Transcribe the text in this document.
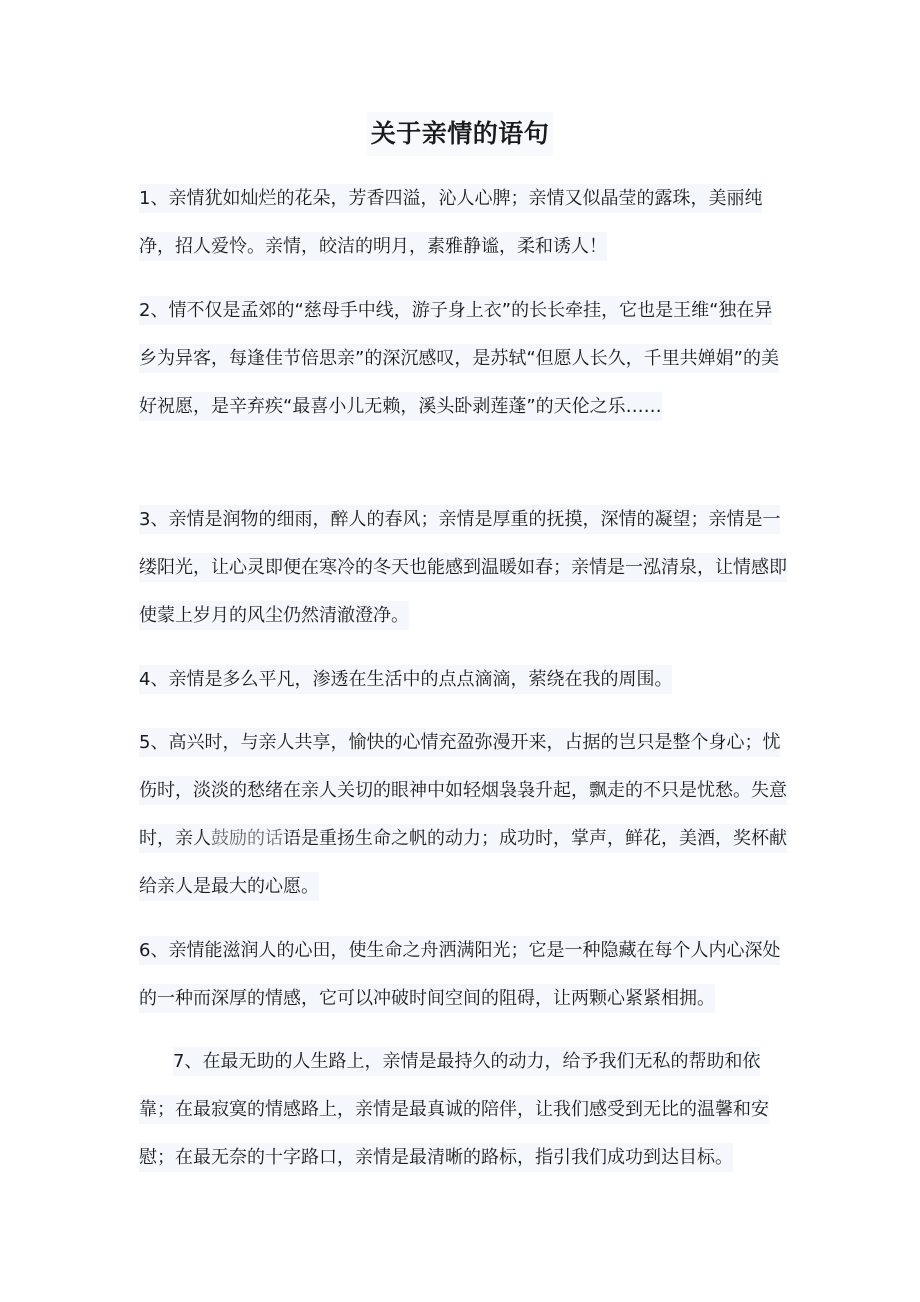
关于亲情的语句

1、亲情犹如灿烂的花朵，芳香四溢，沁人心脾；亲情又似晶莹的露珠，美丽纯净，招人爱怜。亲情，皎洁的明月，素雅静谧，柔和诱人！

2、情不仅是孟郊的“慈母手中线，游子身上衣”的长长牵挂，它也是王维“独在异乡为异客，每逢佳节倍思亲”的深沉感叹，是苏轼“但愿人长久，千里共婵娟”的美好祝愿，是辛弃疾“最喜小儿无赖，溪头卧剥莲蓬”的天伦之乐……

3、亲情是润物的细雨，醉人的春风；亲情是厚重的抚摸，深情的凝望；亲情是一缕阳光，让心灵即便在寒冷的冬天也能感到温暖如春；亲情是一泓清泉，让情感即使蒙上岁月的风尘仍然清澈澄净。

4、亲情是多么平凡，渗透在生活中的点点滴滴，萦绕在我的周围。

5、高兴时，与亲人共享，愉快的心情充盈弥漫开来，占据的岂只是整个身心；忧伤时，淡淡的愁绪在亲人关切的眼神中如轻烟袅袅升起，飘走的不只是忧愁。失意时，亲人鼓励的话语是重扬生命之帆的动力；成功时，掌声，鲜花，美酒，奖杯献给亲人是最大的心愿。

6、亲情能滋润人的心田，使生命之舟洒满阳光；它是一种隐藏在每个人内心深处的一种而深厚的情感，它可以冲破时间空间的阻碍，让两颗心紧紧相拥。

7、在最无助的人生路上，亲情是最持久的动力，给予我们无私的帮助和依靠；在最寂寞的情感路上，亲情是最真诚的陪伴，让我们感受到无比的温馨和安慰；在最无奈的十字路口，亲情是最清晰的路标，指引我们成功到达目标。
